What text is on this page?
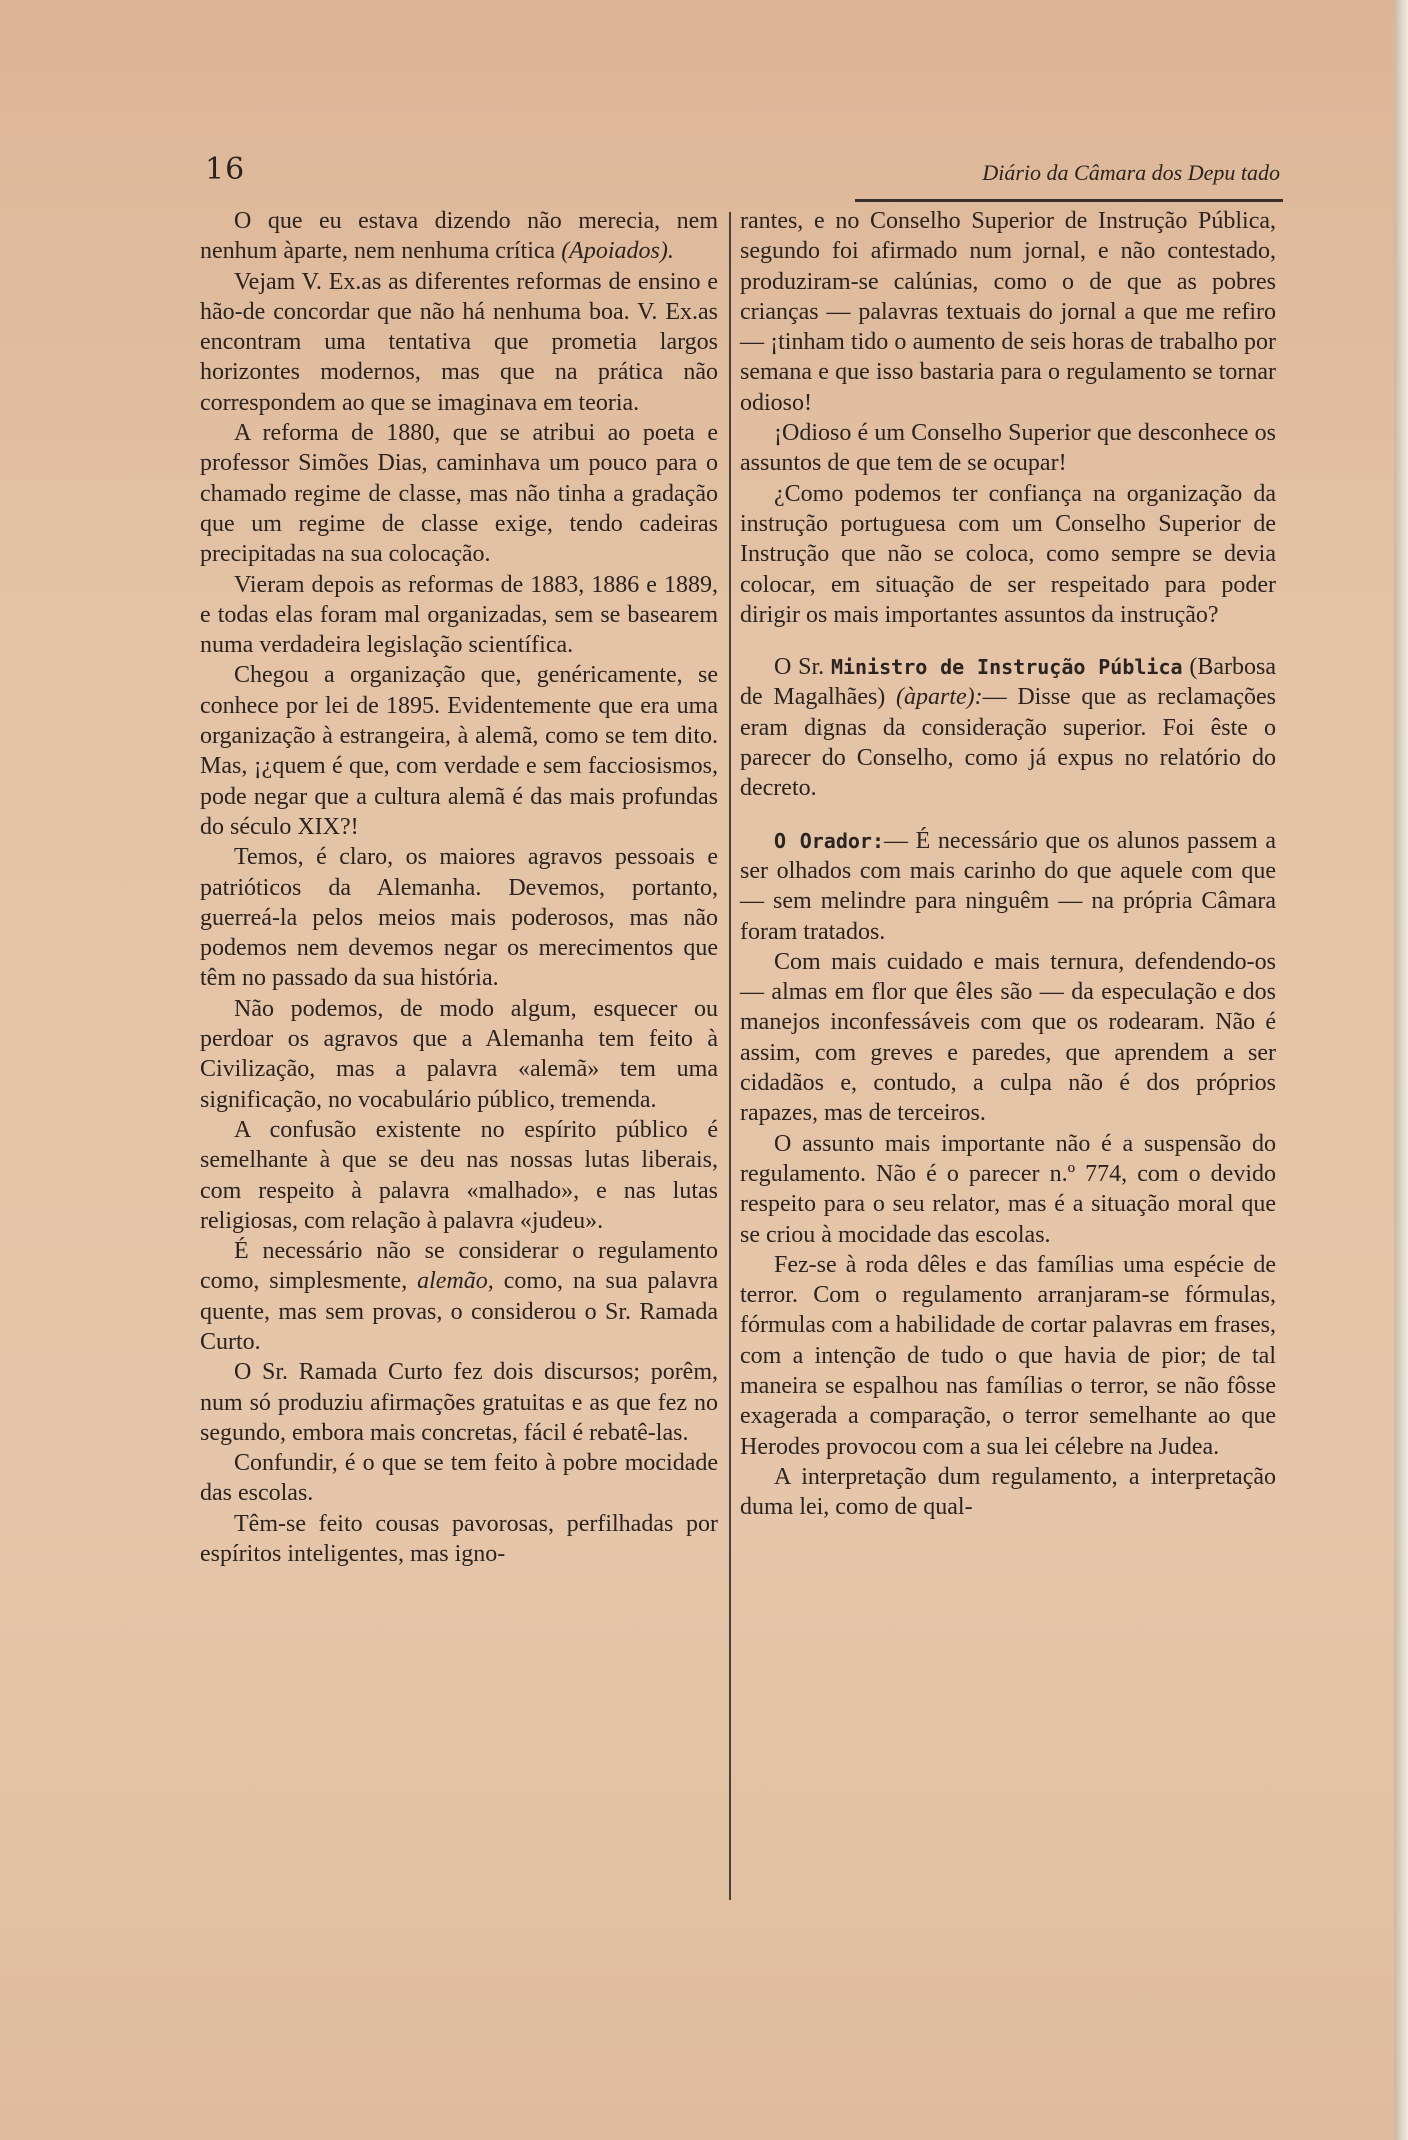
16	Diário da Câmara dos Depu tado

O que eu estava dizendo não merecia, nem nenhum àparte, nem nenhuma crítica (Apoiados).

Vejam V. Ex.as as diferentes reformas de ensino e hão-de concordar que não há nenhuma boa. V. Ex.as encontram uma tentativa que prometia largos horizontes modernos, mas que na prática não correspondem ao que se imaginava em teoria.

A reforma de 1880, que se atribui ao poeta e professor Simões Dias, caminhava um pouco para o chamado regime de classe, mas não tinha a gradação que um regime de classe exige, tendo cadeiras precipitadas na sua colocação.

Vieram depois as reformas de 1883, 1886 e 1889, e todas elas foram mal organizadas, sem se basearem numa verdadeira legislação scientífica.

Chegou a organização que, genéricamente, se conhece por lei de 1895. Evidentemente que era uma organização à estrangeira, à alemã, como se tem dito. Mas, ¡¿quem é que, com verdade e sem facciosismos, pode negar que a cultura alemã é das mais profundas do século XIX?!

Temos, é claro, os maiores agravos pessoais e patrióticos da Alemanha. Devemos, portanto, guerreá-la pelos meios mais poderosos, mas não podemos nem devemos negar os merecimentos que têm no passado da sua história.

Não podemos, de modo algum, esquecer ou perdoar os agravos que a Alemanha tem feito à Civilização, mas a palavra «alemã» tem uma significação, no vocabulário público, tremenda.

A confusão existente no espírito público é semelhante à que se deu nas nossas lutas liberais, com respeito à palavra «malhado», e nas lutas religiosas, com relação à palavra «judeu».

É necessário não se considerar o regulamento como, simplesmente, alemão, como, na sua palavra quente, mas sem provas, o considerou o Sr. Ramada Curto.

O Sr. Ramada Curto fez dois discursos; porêm, num só produziu afirmações gratuitas e as que fez no segundo, embora mais concretas, fácil é rebatê-las.

Confundir, é o que se tem feito à pobre mocidade das escolas.

Têm-se feito cousas pavorosas, perfilhadas por espíritos inteligentes, mas igno-

rantes, e no Conselho Superior de Instrução Pública, segundo foi afirmado num jornal, e não contestado, produziram-se calúnias, como o de que as pobres crianças — palavras textuais do jornal a que me refiro — ¡tinham tido o aumento de seis horas de trabalho por semana e que isso bastaria para o regulamento se tornar odioso!

¡Odioso é um Conselho Superior que desconhece os assuntos de que tem de se ocupar!

¿Como podemos ter confiança na organização da instrução portuguesa com um Conselho Superior de Instrução que não se coloca, como sempre se devia colocar, em situação de ser respeitado para poder dirigir os mais importantes assuntos da instrução?

O Sr. Ministro de Instrução Pública (Barbosa de Magalhães) (àparte):— Disse que as reclamações eram dignas da consideração superior. Foi êste o parecer do Conselho, como já expus no relatório do decreto.

O Orador:— É necessário que os alunos passem a ser olhados com mais carinho do que aquele com que — sem melindre para ninguêm — na própria Câmara foram tratados.

Com mais cuidado e mais ternura, defendendo-os — almas em flor que êles são — da especulação e dos manejos inconfessáveis com que os rodearam. Não é assim, com greves e paredes, que aprendem a ser cidadãos e, contudo, a culpa não é dos próprios rapazes, mas de terceiros.

O assunto mais importante não é a suspensão do regulamento. Não é o parecer n.º 774, com o devido respeito para o seu relator, mas é a situação moral que se criou à mocidade das escolas.

Fez-se à roda dêles e das famílias uma espécie de terror. Com o regulamento arranjaram-se fórmulas, fórmulas com a habilidade de cortar palavras em frases, com a intenção de tudo o que havia de pior; de tal maneira se espalhou nas famílias o terror, se não fôsse exagerada a comparação, o terror semelhante ao que Herodes provocou com a sua lei célebre na Judea.

A interpretação dum regulamento, a interpretação duma lei, como de qual-
